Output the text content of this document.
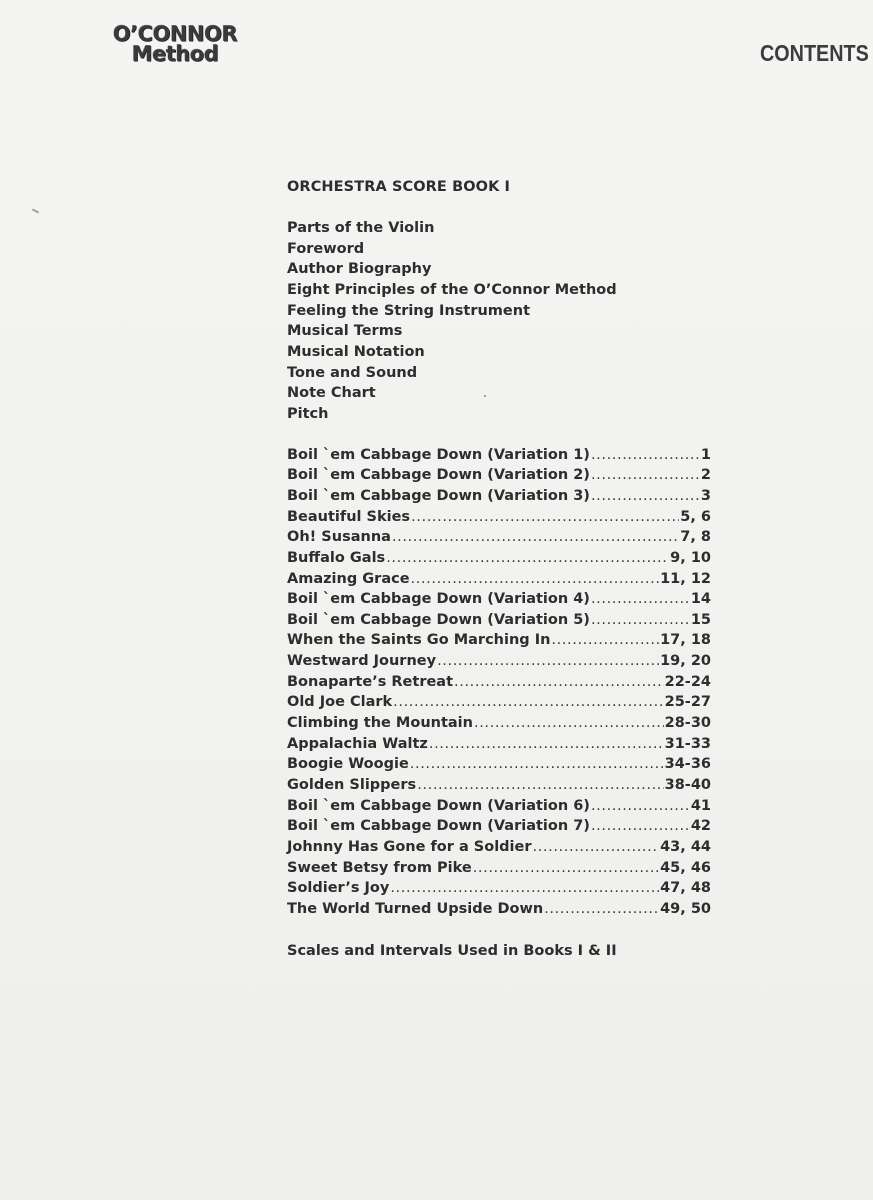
O’CONNOR
Method	CONTENTS
ORCHESTRA SCORE BOOK I
Parts of the Violin
Foreword
Author Biography
Eight Principles of the O’Connor Method
Feeling the String Instrument
Musical Terms
Musical Notation
Tone and Sound
Note Chart
Pitch
Boil `em Cabbage Down (Variation 1) .....	1
Boil `em Cabbage Down (Variation 2) .....	2
Boil `em Cabbage Down (Variation 3) .....	3
Beautiful Skies .....	5, 6
Oh! Susanna .....	7, 8
Buffalo Gals .....	9, 10
Amazing Grace .....	11, 12
Boil `em Cabbage Down (Variation 4) .....	14
Boil `em Cabbage Down (Variation 5) .....	15
When the Saints Go Marching In .....	17, 18
Westward Journey .....	19, 20
Bonaparte’s Retreat .....	22-24
Old Joe Clark .....	25-27
Climbing the Mountain .....	28-30
Appalachia Waltz .....	31-33
Boogie Woogie .....	34-36
Golden Slippers .....	38-40
Boil `em Cabbage Down (Variation 6) .....	41
Boil `em Cabbage Down (Variation 7) .....	42
Johnny Has Gone for a Soldier .....	43, 44
Sweet Betsy from Pike .....	45, 46
Soldier’s Joy .....	47, 48
The World Turned Upside Down .....	49, 50
Scales and Intervals Used in Books I & II
